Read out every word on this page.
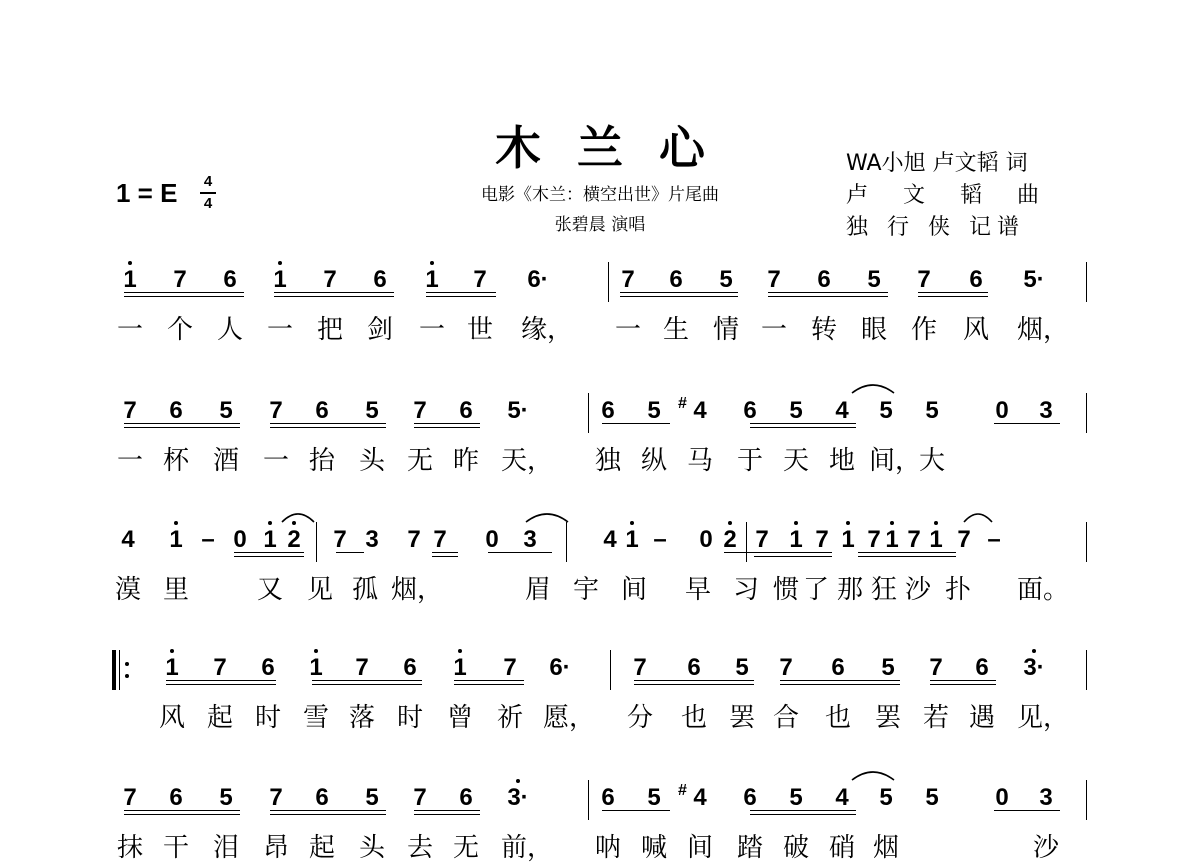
木兰心
1 = E	4
4	电影《木兰：横空出世》片尾曲
张碧晨 演唱
WA小旭 卢文韬 词
卢 文 韬 曲
独 行 侠 记谱
1	7	6	1	7	6	1	7	6·	7	6	5	7	6	5	7	6	5·
一 个 人 一 把 剑 一 世 缘， 一 生 情 一 转 眼 作 风 烟，
7	6	5	7	6	5	7	6	5·	6	5	# 4	6	5	4	5	5	0	3
一 杯 酒 一 抬 头 无 昨 天， 独 纵 马 于 天 地 间，
大
4	1 – 0 1 2	7 3	7 7	0	3	4 1 –	0 2 7 1 7 1 7 1 7 1 7 –
漠 里	又 见 孤 烟，	眉 宇 间 早 习 惯 了 那 狂 沙 扑 面。
1	7	6	1	7	6	1	7	6·	7	6	5	7	6	5	7	6	3·
风 起 时 雪 落 时 曾 祈 愿， 分 也 罢 合 也 罢 若 遇 见，
7	6	5	7	6	5	7	6	3·	6	5	# 4	6	5	4	5	5	0	3
抹 干 泪 昂 起 头 去 无 前， 呐 喊 间 踏 破 硝 烟	沙
